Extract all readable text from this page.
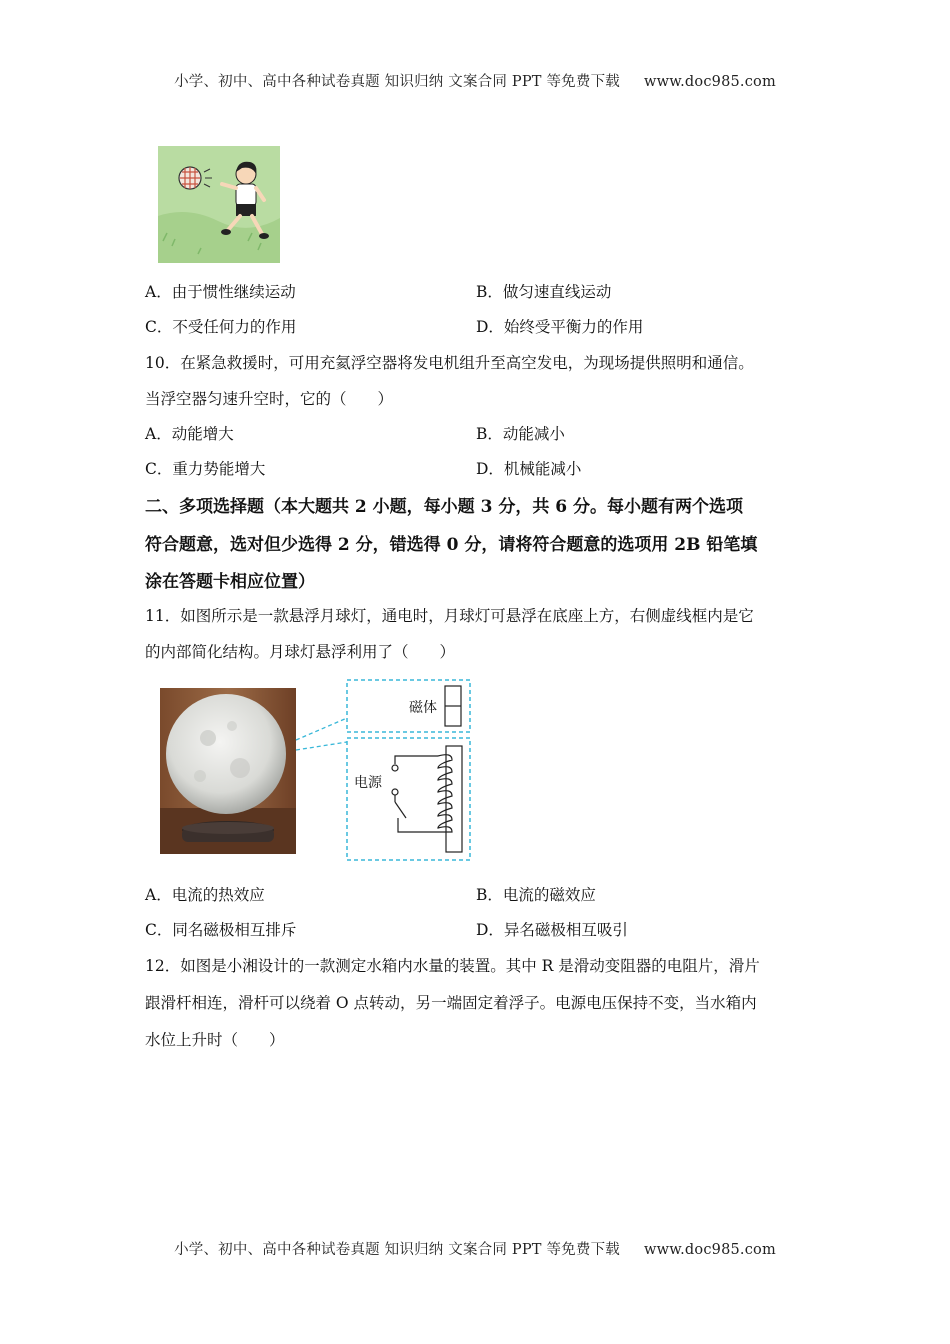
小学、初中、高中各种试卷真题 知识归纳 文案合同 PPT 等免费下载 www.doc985.com
A．由于惯性继续运动	B．做匀速直线运动
C．不受任何力的作用	D．始终受平衡力的作用
10．在紧急救援时，可用充氦浮空器将发电机组升至高空发电，为现场提供照明和通信。
当浮空器匀速升空时，它的（　　）
A．动能增大	B．动能减小
C．重力势能增大	D．机械能减小
二、多项选择题（本大题共 2 小题，每小题 3 分，共 6 分。每小题有两个选项
符合题意，选对但少选得 2 分，错选得 0 分，请将符合题意的选项用 2B 铅笔填
涂在答题卡相应位置）
11．如图所示是一款悬浮月球灯，通电时，月球灯可悬浮在底座上方，右侧虚线框内是它
的内部简化结构。月球灯悬浮利用了（　　）
磁体
电源
A．电流的热效应	B．电流的磁效应
C．同名磁极相互排斥	D．异名磁极相互吸引
12．如图是小湘设计的一款测定水箱内水量的装置。其中 R 是滑动变阻器的电阻片，滑片
跟滑杆相连，滑杆可以绕着 O 点转动，另一端固定着浮子。电源电压保持不变，当水箱内
水位上升时（　　）
小学、初中、高中各种试卷真题 知识归纳 文案合同 PPT 等免费下载 www.doc985.com
